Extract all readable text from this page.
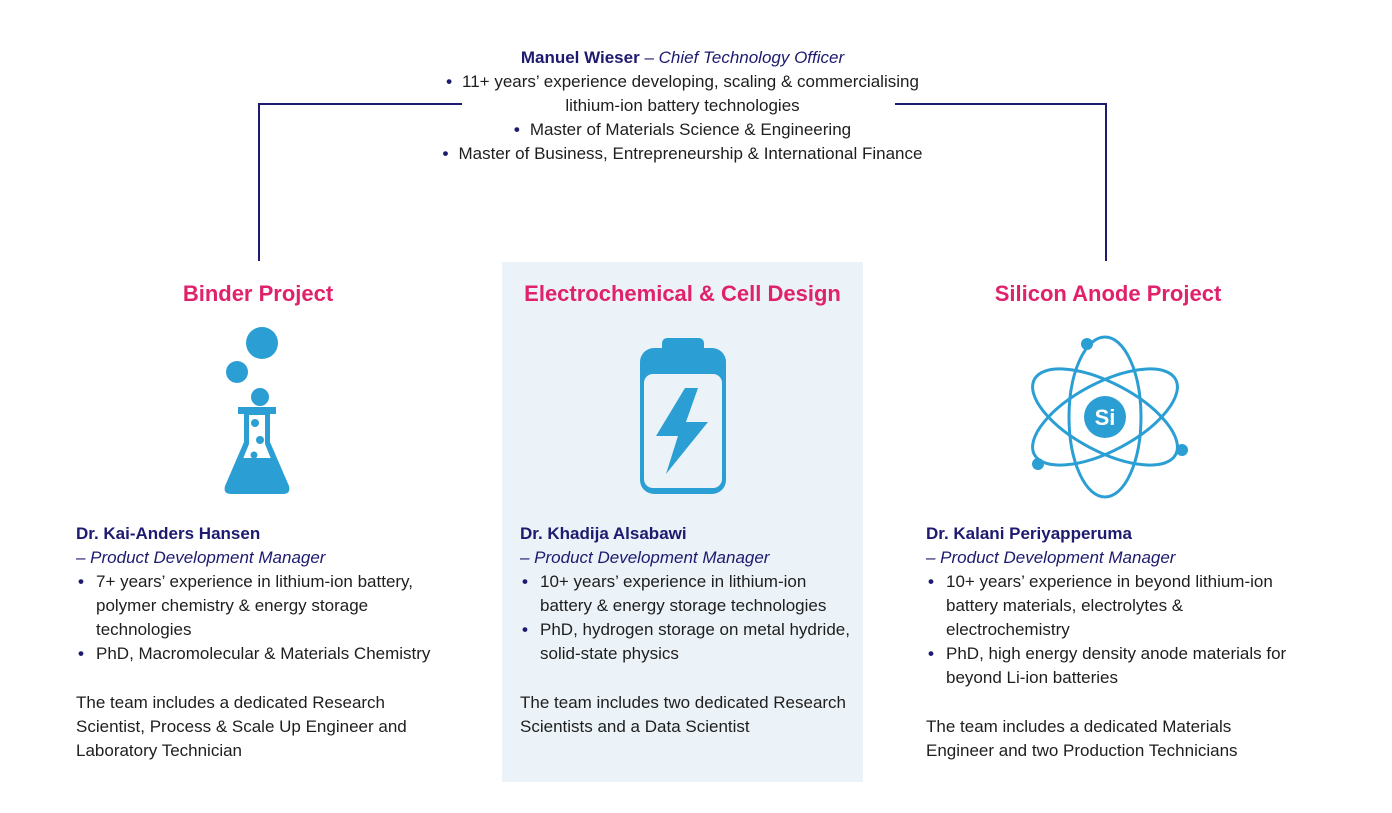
Manuel Wieser – Chief Technology Officer
• 11+ years’ experience developing, scaling & commercialising lithium-ion battery technologies
• Master of Materials Science & Engineering
• Master of Business, Entrepreneurship & International Finance
Binder Project
Dr. Kai-Anders Hansen
– Product Development Manager
• 7+ years’ experience in lithium-ion battery, polymer chemistry & energy storage technologies
• PhD, Macromolecular & Materials Chemistry
The team includes a dedicated Research Scientist, Process & Scale Up Engineer and Laboratory Technician
Electrochemical & Cell Design
Dr. Khadija Alsabawi
– Product Development Manager
• 10+ years’ experience in lithium-ion battery & energy storage technologies
• PhD, hydrogen storage on metal hydride, solid-state physics
The team includes two dedicated Research Scientists and a Data Scientist
Silicon Anode Project
Si
Dr. Kalani Periyapperuma
– Product Development Manager
• 10+ years’ experience in beyond lithium-ion battery materials, electrolytes & electrochemistry
• PhD, high energy density anode materials for beyond Li-ion batteries
The team includes a dedicated Materials Engineer and two Production Technicians
